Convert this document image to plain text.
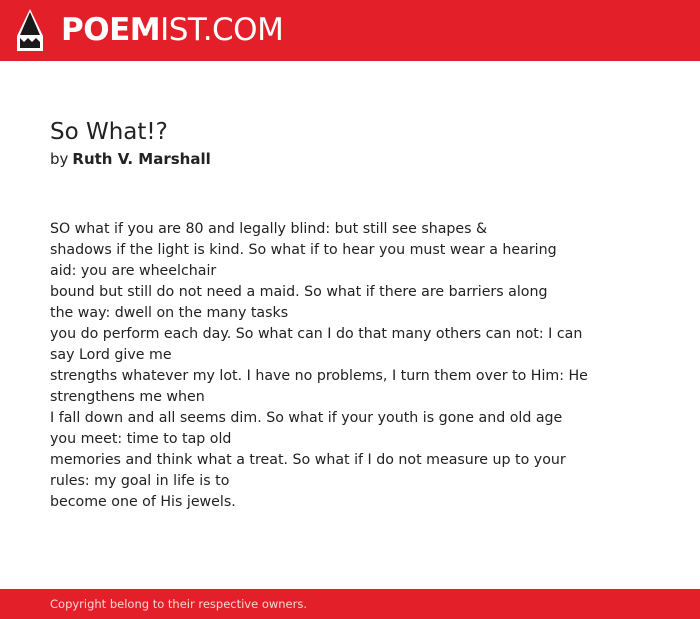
POEMIST.COM
So What!?
by Ruth V. Marshall
SO what if you are 80 and legally blind: but still see shapes &
shadows if the light is kind. So what if to hear you must wear a hearing
aid: you are wheelchair
bound but still do not need a maid. So what if there are barriers along
the way: dwell on the many tasks
you do perform each day. So what can I do that many others can not: I can
say Lord give me
strengths whatever my lot. I have no problems, I turn them over to Him: He
strengthens me when
I fall down and all seems dim. So what if your youth is gone and old age
you meet: time to tap old
memories and think what a treat. So what if I do not measure up to your
rules: my goal in life is to
become one of His jewels.
Copyright belong to their respective owners.
